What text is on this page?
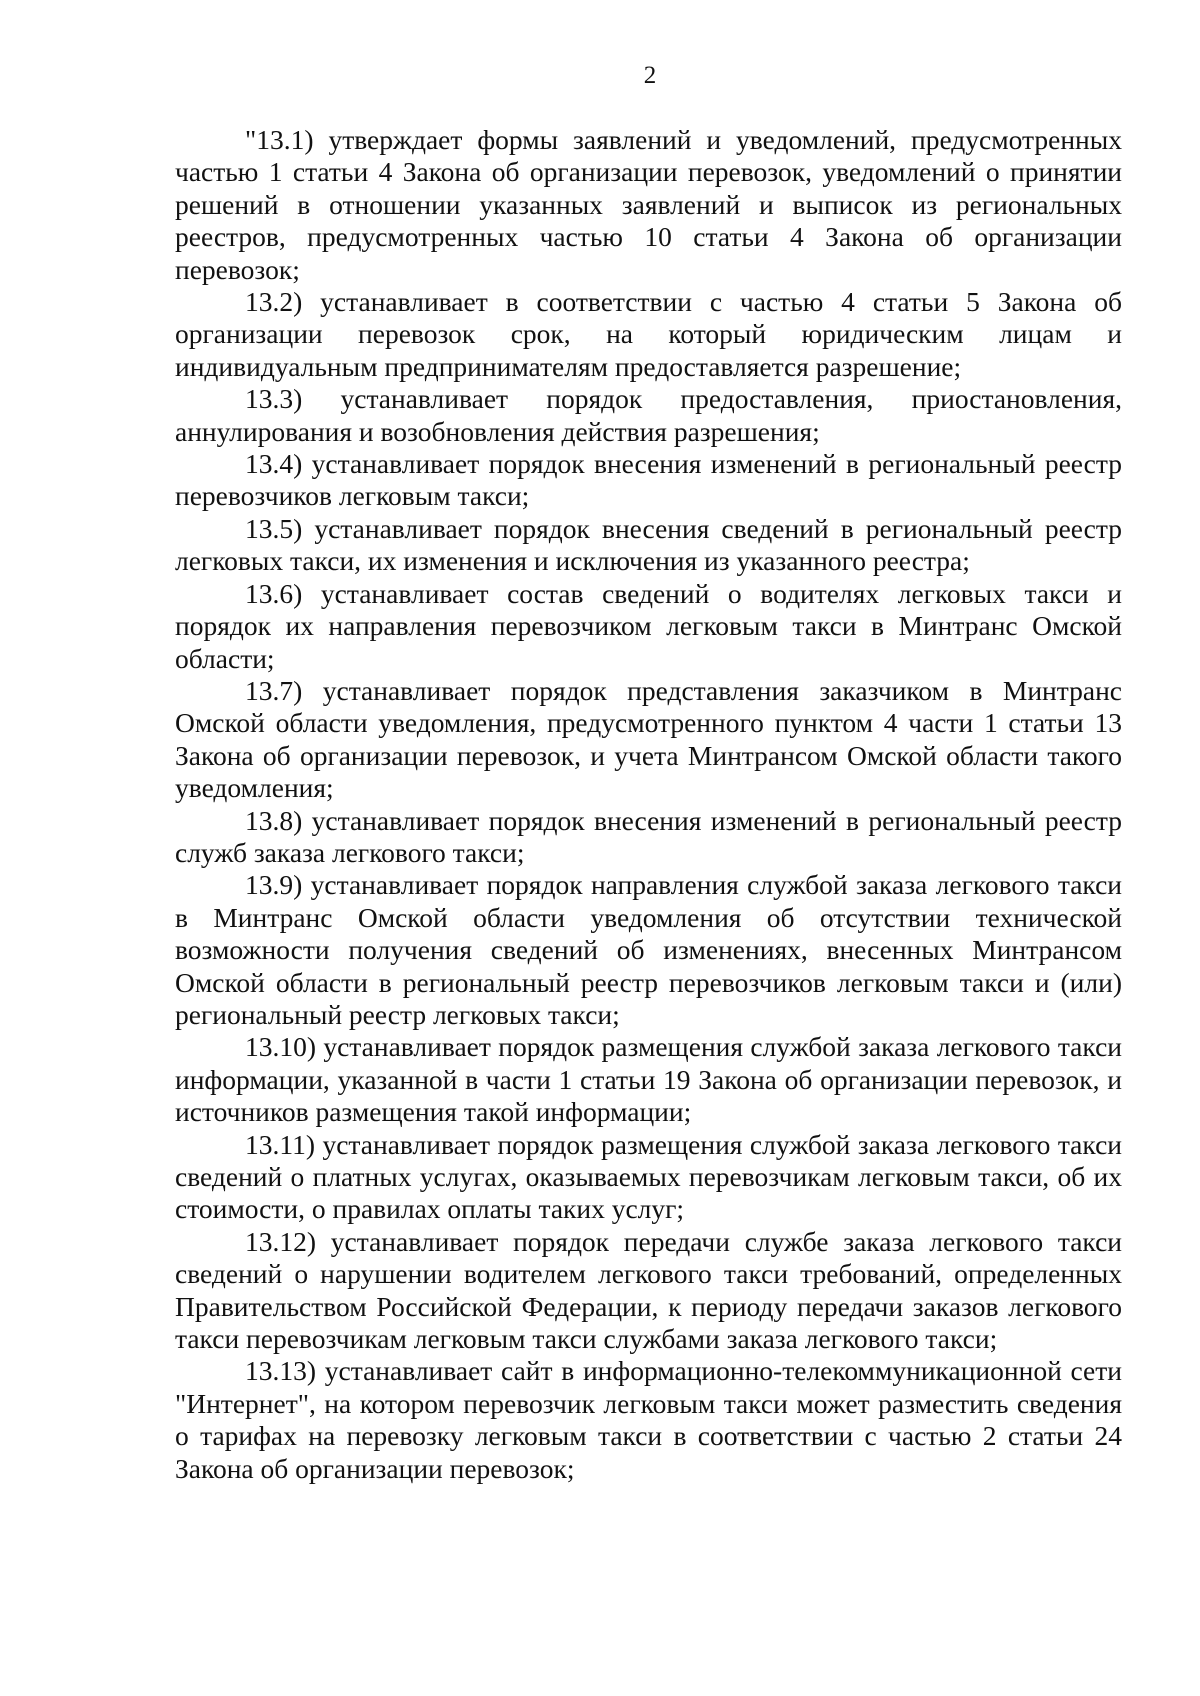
2

"13.1) утверждает формы заявлений и уведомлений, предусмотренных частью 1 статьи 4 Закона об организации перевозок, уведомлений о принятии решений в отношении указанных заявлений и выписок из региональных реестров, предусмотренных частью 10 статьи 4 Закона об организации перевозок;

13.2) устанавливает в соответствии с частью 4 статьи 5 Закона об организации перевозок срок, на который юридическим лицам и индивидуальным предпринимателям предоставляется разрешение;

13.3) устанавливает порядок предоставления, приостановления, аннулирования и возобновления действия разрешения;

13.4) устанавливает порядок внесения изменений в региональный реестр перевозчиков легковым такси;

13.5) устанавливает порядок внесения сведений в региональный реестр легковых такси, их изменения и исключения из указанного реестра;

13.6) устанавливает состав сведений о водителях легковых такси и порядок их направления перевозчиком легковым такси в Минтранс Омской области;

13.7) устанавливает порядок представления заказчиком в Минтранс Омской области уведомления, предусмотренного пунктом 4 части 1 статьи 13 Закона об организации перевозок, и учета Минтрансом Омской области такого уведомления;

13.8) устанавливает порядок внесения изменений в региональный реестр служб заказа легкового такси;

13.9) устанавливает порядок направления службой заказа легкового такси в Минтранс Омской области уведомления об отсутствии технической возможности получения сведений об изменениях, внесенных Минтрансом Омской области в региональный реестр перевозчиков легковым такси и (или) региональный реестр легковых такси;

13.10) устанавливает порядок размещения службой заказа легкового такси информации, указанной в части 1 статьи 19 Закона об организации перевозок, и источников размещения такой информации;

13.11) устанавливает порядок размещения службой заказа легкового такси сведений о платных услугах, оказываемых перевозчикам легковым такси, об их стоимости, о правилах оплаты таких услуг;

13.12) устанавливает порядок передачи службе заказа легкового такси сведений о нарушении водителем легкового такси требований, определенных Правительством Российской Федерации, к периоду передачи заказов легкового такси перевозчикам легковым такси службами заказа легкового такси;

13.13) устанавливает сайт в информационно-телекоммуникационной сети "Интернет", на котором перевозчик легковым такси может разместить сведения о тарифах на перевозку легковым такси в соответствии с частью 2 статьи 24 Закона об организации перевозок;
